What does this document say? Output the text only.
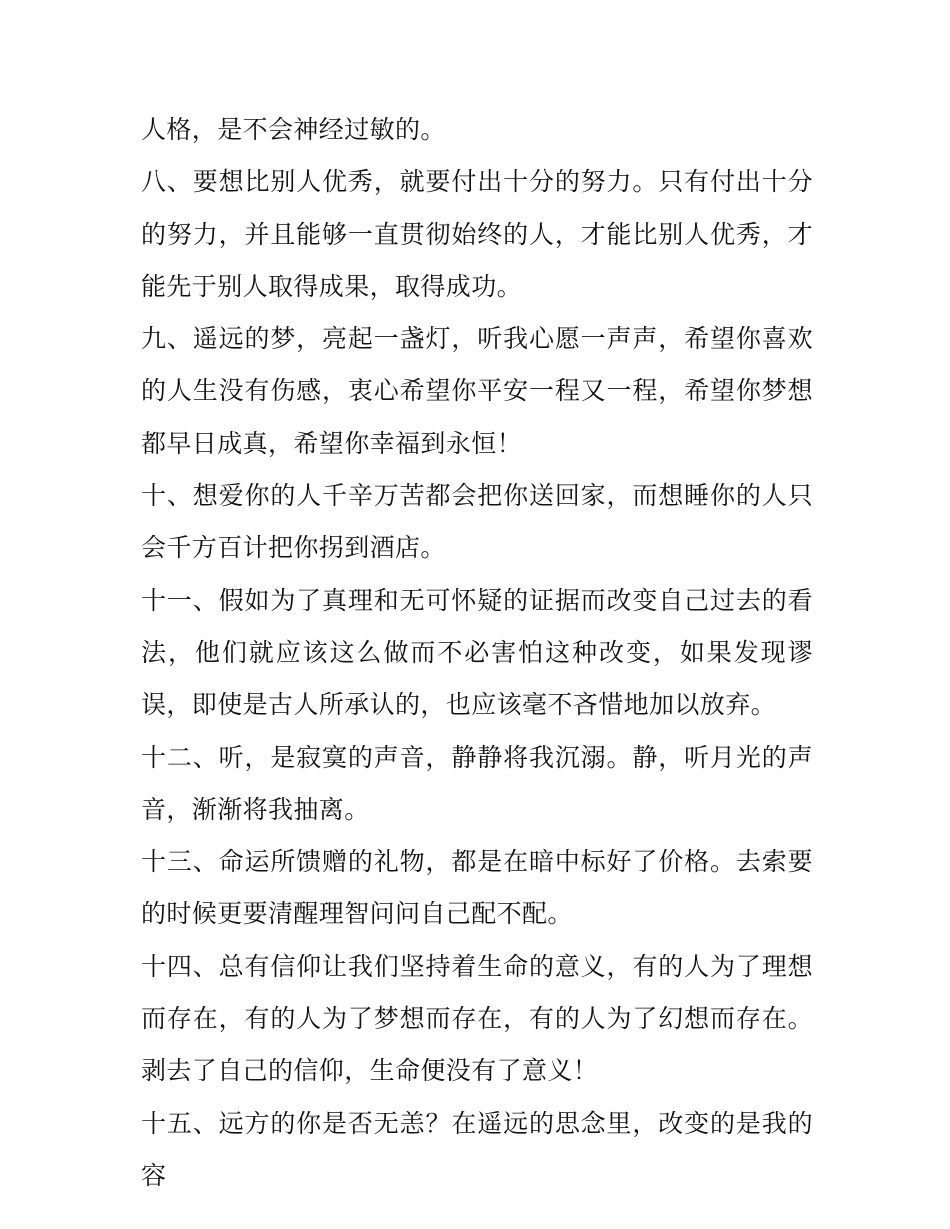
人格，是不会神经过敏的。

八、要想比别人优秀，就要付出十分的努力。只有付出十分的努力，并且能够一直贯彻始终的人，才能比别人优秀，才能先于别人取得成果，取得成功。

九、遥远的梦，亮起一盏灯，听我心愿一声声，希望你喜欢的人生没有伤感，衷心希望你平安一程又一程，希望你梦想都早日成真，希望你幸福到永恒！

十、想爱你的人千辛万苦都会把你送回家，而想睡你的人只会千方百计把你拐到酒店。

十一、假如为了真理和无可怀疑的证据而改变自己过去的看法，他们就应该这么做而不必害怕这种改变，如果发现谬误，即使是古人所承认的，也应该毫不吝惜地加以放弃。

十二、听，是寂寞的声音，静静将我沉溺。静，听月光的声音，渐渐将我抽离。

十三、命运所馈赠的礼物，都是在暗中标好了价格。去索要的时候更要清醒理智问问自己配不配。

十四、总有信仰让我们坚持着生命的意义，有的人为了理想而存在，有的人为了梦想而存在，有的人为了幻想而存在。剥去了自己的信仰，生命便没有了意义！

十五、远方的你是否无恙？在遥远的思念里，改变的是我的容
